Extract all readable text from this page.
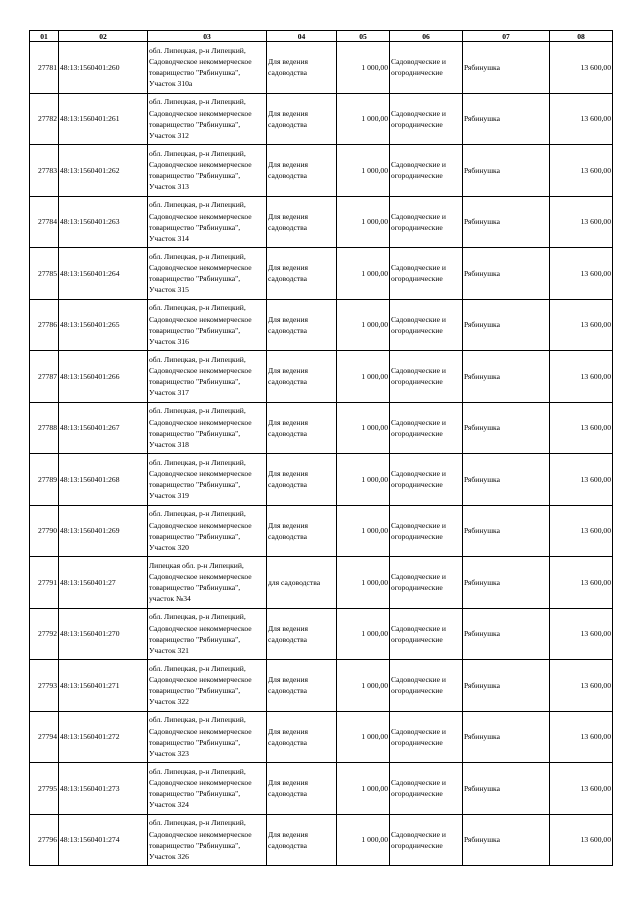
01	02	03	04	05	06	07	08
27781	48:13:1560401:260	обл. Липецкая, р-н Липецкий, Садоводческое некоммерческое товарищество "Рябинушка", Участок 310а	Для ведения садоводства	1 000,00	Садоводческие и огороднические	Рябинушка	13 600,00
27782	48:13:1560401:261	обл. Липецкая, р-н Липецкий, Садоводческое некоммерческое товарищество "Рябинушка", Участок 312	Для ведения садоводства	1 000,00	Садоводческие и огороднические	Рябинушка	13 600,00
27783	48:13:1560401:262	обл. Липецкая, р-н Липецкий, Садоводческое некоммерческое товарищество "Рябинушка", Участок 313	Для ведения садоводства	1 000,00	Садоводческие и огороднические	Рябинушка	13 600,00
27784	48:13:1560401:263	обл. Липецкая, р-н Липецкий, Садоводческое некоммерческое товарищество "Рябинушка", Участок 314	Для ведения садоводства	1 000,00	Садоводческие и огороднические	Рябинушка	13 600,00
27785	48:13:1560401:264	обл. Липецкая, р-н Липецкий, Садоводческое некоммерческое товарищество "Рябинушка", Участок 315	Для ведения садоводства	1 000,00	Садоводческие и огороднические	Рябинушка	13 600,00
27786	48:13:1560401:265	обл. Липецкая, р-н Липецкий, Садоводческое некоммерческое товарищество "Рябинушка", Участок 316	Для ведения садоводства	1 000,00	Садоводческие и огороднические	Рябинушка	13 600,00
27787	48:13:1560401:266	обл. Липецкая, р-н Липецкий, Садоводческое некоммерческое товарищество "Рябинушка", Участок 317	Для ведения садоводства	1 000,00	Садоводческие и огороднические	Рябинушка	13 600,00
27788	48:13:1560401:267	обл. Липецкая, р-н Липецкий, Садоводческое некоммерческое товарищество "Рябинушка", Участок 318	Для ведения садоводства	1 000,00	Садоводческие и огороднические	Рябинушка	13 600,00
27789	48:13:1560401:268	обл. Липецкая, р-н Липецкий, Садоводческое некоммерческое товарищество "Рябинушка", Участок 319	Для ведения садоводства	1 000,00	Садоводческие и огороднические	Рябинушка	13 600,00
27790	48:13:1560401:269	обл. Липецкая, р-н Липецкий, Садоводческое некоммерческое товарищество "Рябинушка", Участок 320	Для ведения садоводства	1 000,00	Садоводческие и огороднические	Рябинушка	13 600,00
27791	48:13:1560401:27	Липецкая обл. р-н Липецкий, Садоводческое некоммерческое товарищество "Рябинушка", участок №34	для садоводства	1 000,00	Садоводческие и огороднические	Рябинушка	13 600,00
27792	48:13:1560401:270	обл. Липецкая, р-н Липецкий, Садоводческое некоммерческое товарищество "Рябинушка", Участок 321	Для ведения садоводства	1 000,00	Садоводческие и огороднические	Рябинушка	13 600,00
27793	48:13:1560401:271	обл. Липецкая, р-н Липецкий, Садоводческое некоммерческое товарищество "Рябинушка", Участок 322	Для ведения садоводства	1 000,00	Садоводческие и огороднические	Рябинушка	13 600,00
27794	48:13:1560401:272	обл. Липецкая, р-н Липецкий, Садоводческое некоммерческое товарищество "Рябинушка", Участок 323	Для ведения садоводства	1 000,00	Садоводческие и огороднические	Рябинушка	13 600,00
27795	48:13:1560401:273	обл. Липецкая, р-н Липецкий, Садоводческое некоммерческое товарищество "Рябинушка", Участок 324	Для ведения садоводства	1 000,00	Садоводческие и огороднические	Рябинушка	13 600,00
27796	48:13:1560401:274	обл. Липецкая, р-н Липецкий, Садоводческое некоммерческое товарищество "Рябинушка", Участок 326	Для ведения садоводства	1 000,00	Садоводческие и огороднические	Рябинушка	13 600,00
